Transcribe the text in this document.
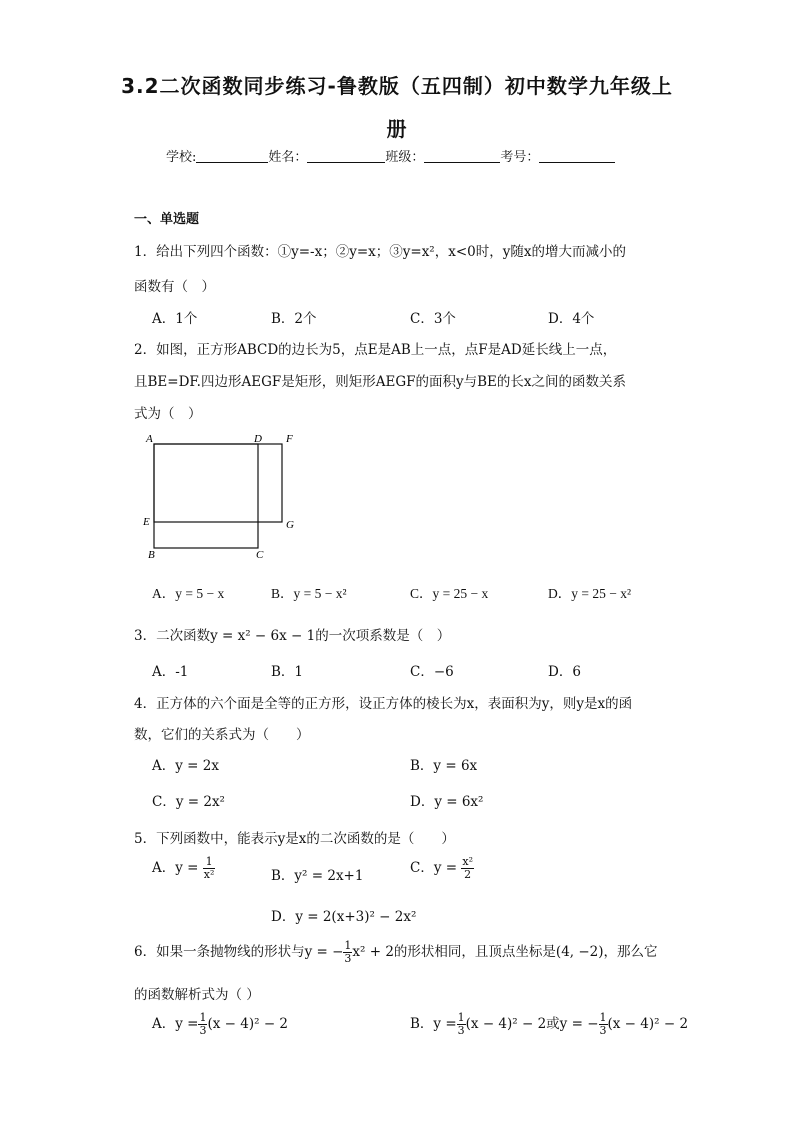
3.2二次函数同步练习-鲁教版（五四制）初中数学九年级上
册
学校:	姓名：	班级：	考号：
一、单选题
1．给出下列四个函数：①y=-x；②y=x；③y=x²，x<0时，y随x的增大而减小的
函数有（　）
A．1个	B．2个	C．3个	D．4个
2．如图，正方形ABCD的边长为5，点E是AB上一点，点F是AD延长线上一点，
且BE=DF.四边形AEGF是矩形，则矩形AEGF的面积y与BE的长x之间的函数关系
式为（　）
A	D F
E	G
B	C
A．y = 5 − x	B．y = 5 − x²	C．y = 25 − x	D．y = 25 − x²
3．二次函数y = x² − 6x − 1的一次项系数是（　）
A．-1	B．1	C．−6	D．6
4．正方体的六个面是全等的正方形，设正方体的棱长为x，表面积为y，则y是x的函
数，它们的关系式为（　　）
A．y = 2x	B．y = 6x
C．y = 2x²	D．y = 6x²
5．下列函数中，能表示y是x的二次函数的是（　　）
A．$y = \frac{1}{\text{x²}}$	B．y² = 2x+1	C．$y = \frac{\text{x²}}{2}$
D．y = 2(x+3)² − 2x²
6．如果一条抛物线的形状与y = − $\frac{1}{3} x^2 + 2$的形状相同，且顶点坐标是(4, −2)，那么它
的函数解析式为（ ）
A．$y = \frac{1}{3} (x - 4)^2 - 2$	B．$y = \frac{1}{3} (x - 4)^2 - 2$或y = − $\frac{1}{3} (x - 4)^2 - 2$
